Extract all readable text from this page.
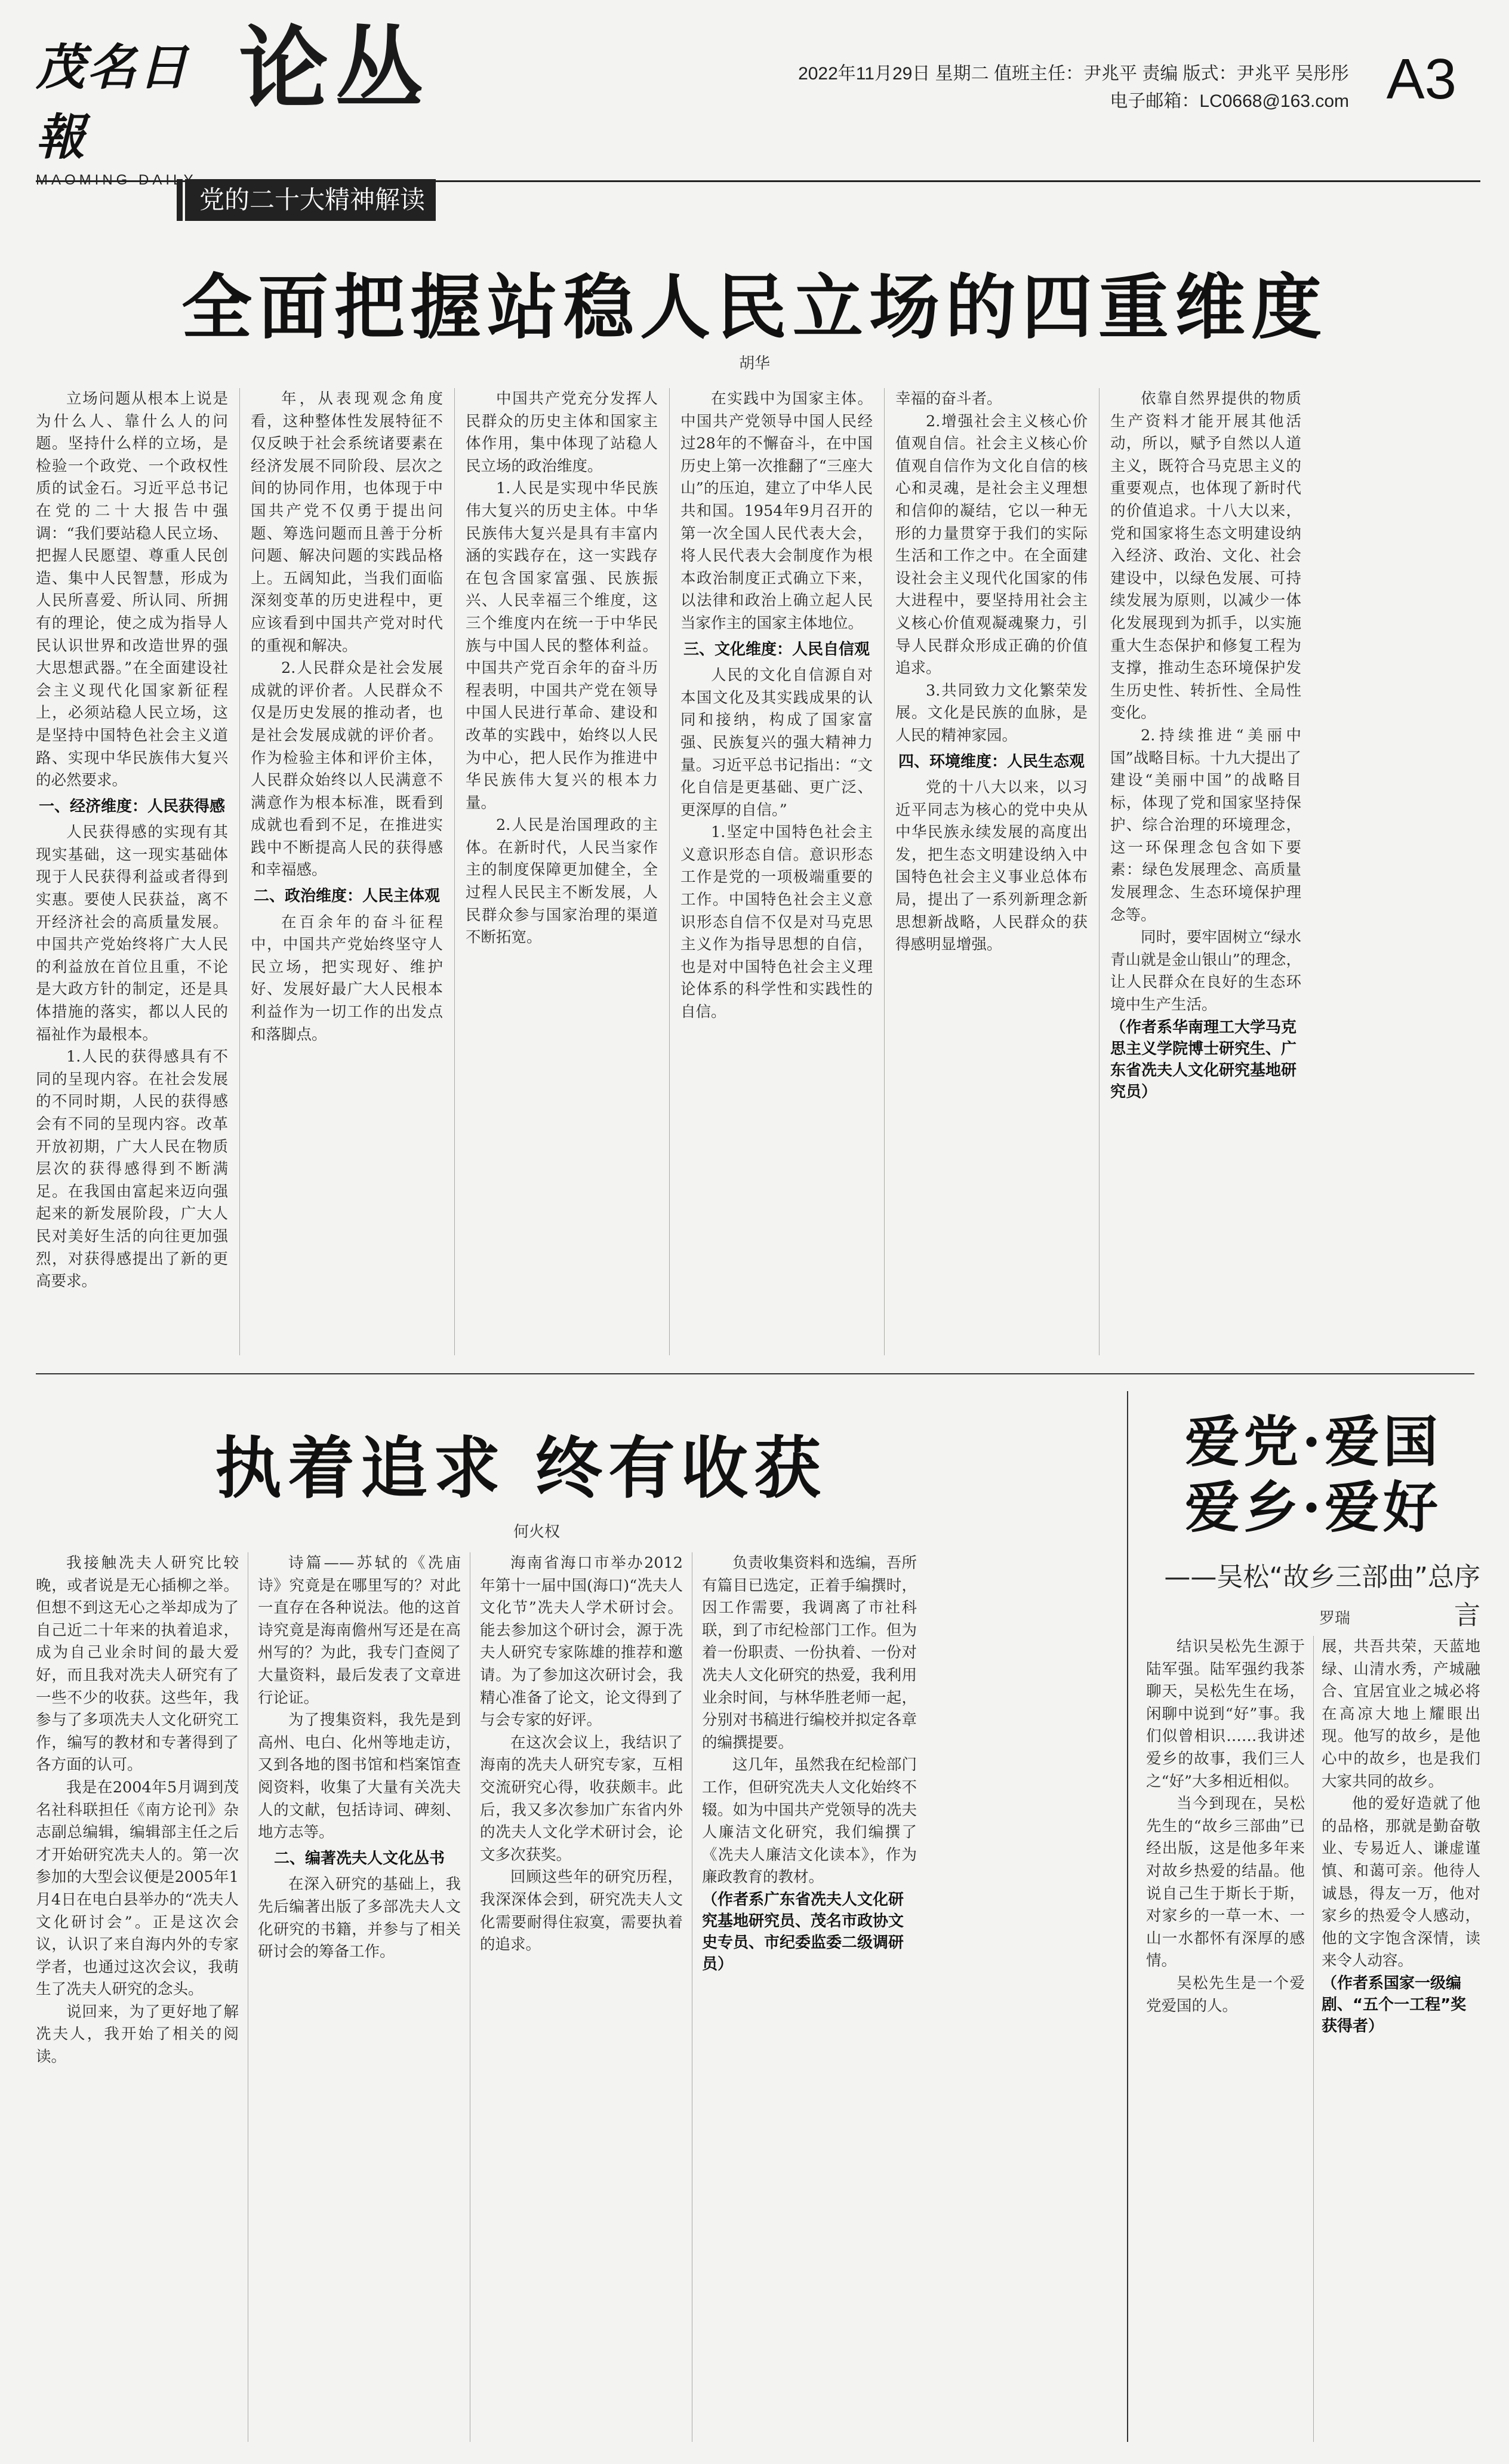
茂名日報
论丛	2022年11月29日 星期二 值班主任：尹兆平 责编 版式：尹兆平 吴彤彤
电子邮箱：LC0668@163.com A3
党的二十大精神解读
全面把握站稳人民立场的四重维度
胡华

立场问题从根本上说是为什么人、靠什么人的问题。坚持什么样的立场，是检验一个政党、一个政权性质的试金石。习近平总书记在党的二十大报告中强调：“我们要站稳人民立场、把握人民愿望、尊重人民创造、集中人民智慧，形成为人民所喜爱、所认同、所拥有的理论，使之成为指导人民认识世界和改造世界的强大思想武器。”在全面建设社会主义现代化国家新征程上，必须站稳人民立场，这是坚持中国特色社会主义道路、实现中华民族伟大复兴的必然要求。

一、经济维度：人民获得感

人民获得感的实现有其现实基础，这一现实基础体现于人民获得利益或者得到实惠。要使人民获益，离不开经济社会的高质量发展。中国共产党始终将广大人民的利益放在首位且重，不论是大政方针的制定，还是具体措施的落实，都以人民的福祉作为最根本。

1.人民的获得感具有不同的呈现内容。在社会发展的不同时期，人民的获得感会有不同的呈现内容。改革开放初期，广大人民在物质层次的获得感得到不断满足。在我国由富起来迈向强起来的新发展阶段，广大人民对美好生活的向往更加强烈，对获得感提出了新的更高要求。

年，从表现观念角度看，这种整体性发展特征不仅反映于社会系统诸要素在经济发展不同阶段、层次之间的协同作用，也体现于中国共产党不仅勇于提出问题、筹选问题而且善于分析问题、解决问题的实践品格上。五阔知此，当我们面临深刻变革的历史进程中，更应该看到中国共产党对时代的重视和解决。

2.人民群众是社会发展成就的评价者。人民群众不仅是历史发展的推动者，也是社会发展成就的评价者。作为检验主体和评价主体，人民群众始终以人民满意不满意作为根本标准，既看到成就也看到不足，在推进实践中不断提高人民的获得感和幸福感。

二、政治维度：人民主体观

在百余年的奋斗征程中，中国共产党始终坚守人民立场，把实现好、维护好、发展好最广大人民根本利益作为一切工作的出发点和落脚点。

中国共产党充分发挥人民群众的历史主体和国家主体作用，集中体现了站稳人民立场的政治维度。

1.人民是实现中华民族伟大复兴的历史主体。中华民族伟大复兴是具有丰富内涵的实践存在，这一实践存在包含国家富强、民族振兴、人民幸福三个维度，这三个维度内在统一于中华民族与中国人民的整体利益。中国共产党百余年的奋斗历程表明，中国共产党在领导中国人民进行革命、建设和改革的实践中，始终以人民为中心，把人民作为推进中华民族伟大复兴的根本力量。

2.人民是治国理政的主体。在新时代，人民当家作主的制度保障更加健全，全过程人民民主不断发展，人民群众参与国家治理的渠道不断拓宽。

在实践中为国家主体。中国共产党领导中国人民经过28年的不懈奋斗，在中国历史上第一次推翻了“三座大山”的压迫，建立了中华人民共和国。1954年9月召开的第一次全国人民代表大会，将人民代表大会制度作为根本政治制度正式确立下来，以法律和政治上确立起人民当家作主的国家主体地位。

三、文化维度：人民自信观

人民的文化自信源自对本国文化及其实践成果的认同和接纳，构成了国家富强、民族复兴的强大精神力量。习近平总书记指出：“文化自信是更基础、更广泛、更深厚的自信。”

1.坚定中国特色社会主义意识形态自信。意识形态工作是党的一项极端重要的工作。中国特色社会主义意识形态自信不仅是对马克思主义作为指导思想的自信，也是对中国特色社会主义理论体系的科学性和实践性的自信。

幸福的奋斗者。

2.增强社会主义核心价值观自信。社会主义核心价值观自信作为文化自信的核心和灵魂，是社会主义理想和信仰的凝结，它以一种无形的力量贯穿于我们的实际生活和工作之中。在全面建设社会主义现代化国家的伟大进程中，要坚持用社会主义核心价值观凝魂聚力，引导人民群众形成正确的价值追求。

3.共同致力文化繁荣发展。文化是民族的血脉，是人民的精神家园。

四、环境维度：人民生态观

党的十八大以来，以习近平同志为核心的党中央从中华民族永续发展的高度出发，把生态文明建设纳入中国特色社会主义事业总体布局，提出了一系列新理念新思想新战略，人民群众的获得感明显增强。

依靠自然界提供的物质生产资料才能开展其他活动，所以，赋予自然以人道主义，既符合马克思主义的重要观点，也体现了新时代的价值追求。十八大以来，党和国家将生态文明建设纳入经济、政治、文化、社会建设中，以绿色发展、可持续发展为原则，以减少一体化发展现到为抓手，以实施重大生态保护和修复工程为支撑，推动生态环境保护发生历史性、转折性、全局性变化。

2.持续推进“美丽中国”战略目标。十九大提出了建设“美丽中国”的战略目标，体现了党和国家坚持保护、综合治理的环境理念，这一环保理念包含如下要素：绿色发展理念、高质量发展理念、生态环境保护理念等。

同时，要牢固树立“绿水青山就是金山银山”的理念，让人民群众在良好的生态环境中生产生活。

（作者系华南理工大学马克思主义学院博士研究生、广东省冼夫人文化研究基地研究员）

执着追求 终有收获
何火权

我接触冼夫人研究比较晚，或者说是无心插柳之举。但想不到这无心之举却成为了自己近二十年来的执着追求，成为自己业余时间的最大爱好，而且我对冼夫人研究有了一些不少的收获。这些年，我参与了多项冼夫人文化研究工作，编写的教材和专著得到了各方面的认可。

我是在2004年5月调到茂名社科联担任《南方论刊》杂志副总编辑，编辑部主任之后才开始研究冼夫人的。第一次参加的大型会议便是2005年1月4日在电白县举办的“冼夫人文化研讨会”。正是这次会议，认识了来自海内外的专家学者，也通过这次会议，我萌生了冼夫人研究的念头。

说回来，为了更好地了解冼夫人，我开始了相关的阅读。

诗篇——苏轼的《冼庙诗》究竟是在哪里写的？对此一直存在各种说法。他的这首诗究竟是海南儋州写还是在高州写的？为此，我专门查阅了大量资料，最后发表了文章进行论证。

为了搜集资料，我先是到高州、电白、化州等地走访，又到各地的图书馆和档案馆查阅资料，收集了大量有关冼夫人的文献，包括诗词、碑刻、地方志等。

二、编著冼夫人文化丛书

在深入研究的基础上，我先后编著出版了多部冼夫人文化研究的书籍，并参与了相关研讨会的筹备工作。

海南省海口市举办2012年第十一届中国(海口)“冼夫人文化节”冼夫人学术研讨会。能去参加这个研讨会，源于冼夫人研究专家陈雄的推荐和邀请。为了参加这次研讨会，我精心准备了论文，论文得到了与会专家的好评。

在这次会议上，我结识了海南的冼夫人研究专家，互相交流研究心得，收获颇丰。此后，我又多次参加广东省内外的冼夫人文化学术研讨会，论文多次获奖。

回顾这些年的研究历程，我深深体会到，研究冼夫人文化需要耐得住寂寞，需要执着的追求。

负责收集资料和选编，吾所有篇目已选定，正着手编撰时，因工作需要，我调离了市社科联，到了市纪检部门工作。但为着一份职责、一份执着、一份对冼夫人文化研究的热爱，我利用业余时间，与林华胜老师一起，分别对书稿进行编校并拟定各章的编撰提要。

这几年，虽然我在纪检部门工作，但研究冼夫人文化始终不辍。如为中国共产党领导的冼夫人廉洁文化研究，我们编撰了《冼夫人廉洁文化读本》，作为廉政教育的教材。

（作者系广东省冼夫人文化研究基地研究员、茂名市政协文史专员、市纪委监委二级调研员）

爱党·爱国
爱乡·爱好
——吴松“故乡三部曲”总序言
罗瑞

结识吴松先生源于陆军强。陆军强约我茶聊天，吴松先生在场，闲聊中说到“好”事。我们似曾相识……我讲述爱乡的故事，我们三人之“好”大多相近相似。

当今到现在，吴松先生的“故乡三部曲”已经出版，这是他多年来对故乡热爱的结晶。他说自己生于斯长于斯，对家乡的一草一木、一山一水都怀有深厚的感情。

吴松先生是一个爱党爱国的人。

展，共吾共荣，天蓝地绿、山清水秀，产城融合、宜居宜业之城必将在高凉大地上耀眼出现。他写的故乡，是他心中的故乡，也是我们大家共同的故乡。

他的爱好造就了他的品格，那就是勤奋敬业、专易近人、谦虚谨慎、和蔼可亲。他待人诚恳，得友一万，他对家乡的热爱令人感动，他的文字饱含深情，读来令人动容。

（作者系国家一级编剧、“五个一工程”奖获得者）
